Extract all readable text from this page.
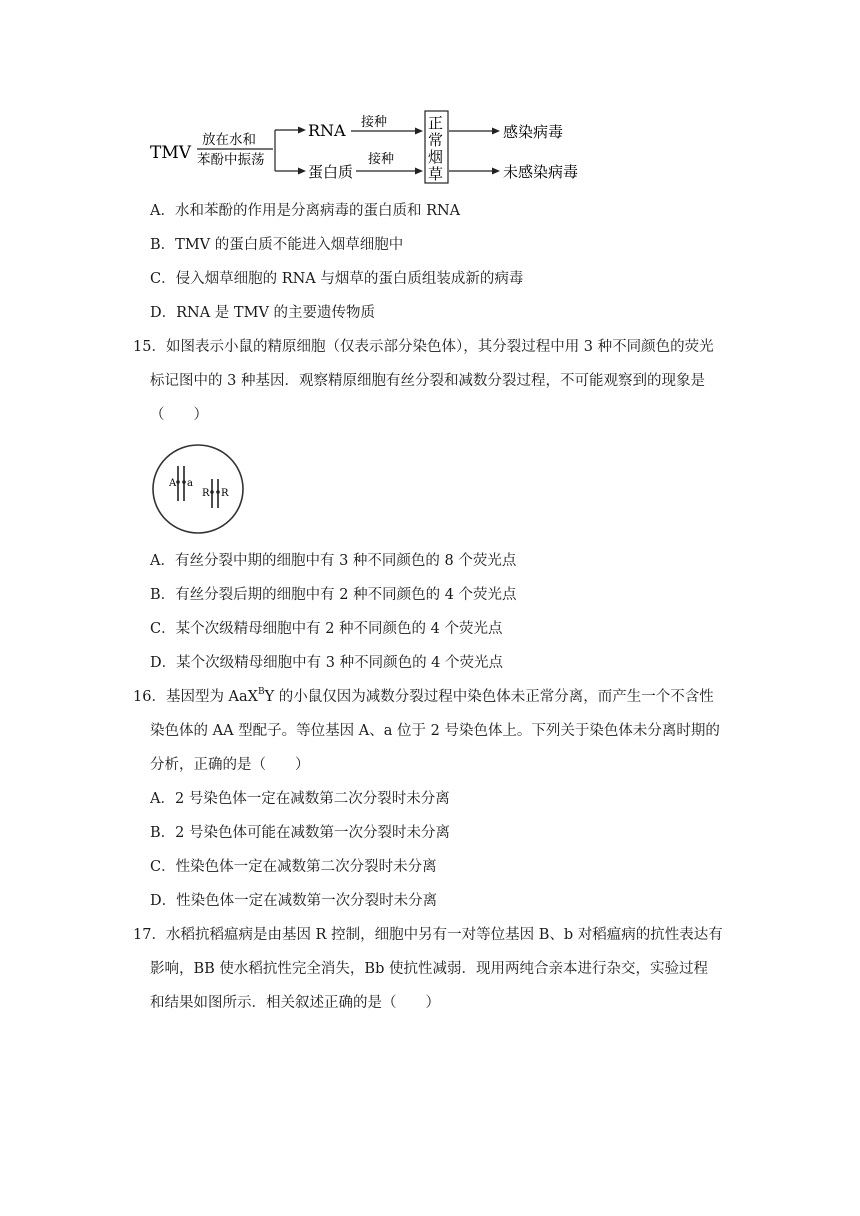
TMV
放在水和
苯酚中振荡
RNA
蛋白质
接种
接种
正
常
烟
草
感染病毒
未感染病毒
A．水和苯酚的作用是分离病毒的蛋白质和 RNA
B．TMV 的蛋白质不能进入烟草细胞中
C．侵入烟草细胞的 RNA 与烟草的蛋白质组装成新的病毒
D．RNA 是 TMV 的主要遗传物质
15．如图表示小鼠的精原细胞（仅表示部分染色体），其分裂过程中用 3 种不同颜色的荧光
标记图中的 3 种基因．观察精原细胞有丝分裂和减数分裂过程，不可能观察到的现象是
（　　）
A a
R R
A．有丝分裂中期的细胞中有 3 种不同颜色的 8 个荧光点
B．有丝分裂后期的细胞中有 2 种不同颜色的 4 个荧光点
C．某个次级精母细胞中有 2 种不同颜色的 4 个荧光点
D．某个次级精母细胞中有 3 种不同颜色的 4 个荧光点
16．基因型为 AaX$^B$Y 的小鼠仅因为减数分裂过程中染色体未正常分离，而产生一个不含性
染色体的 AA 型配子。等位基因 A、a 位于 2 号染色体上。下列关于染色体未分离时期的
分析，正确的是（　　）
A．2 号染色体一定在减数第二次分裂时未分离
B．2 号染色体可能在减数第一次分裂时未分离
C．性染色体一定在减数第二次分裂时未分离
D．性染色体一定在减数第一次分裂时未分离
17．水稻抗稻瘟病是由基因 R 控制，细胞中另有一对等位基因 B、b 对稻瘟病的抗性表达有
影响，BB 使水稻抗性完全消失，Bb 使抗性减弱．现用两纯合亲本进行杂交，实验过程
和结果如图所示．相关叙述正确的是（　　）
